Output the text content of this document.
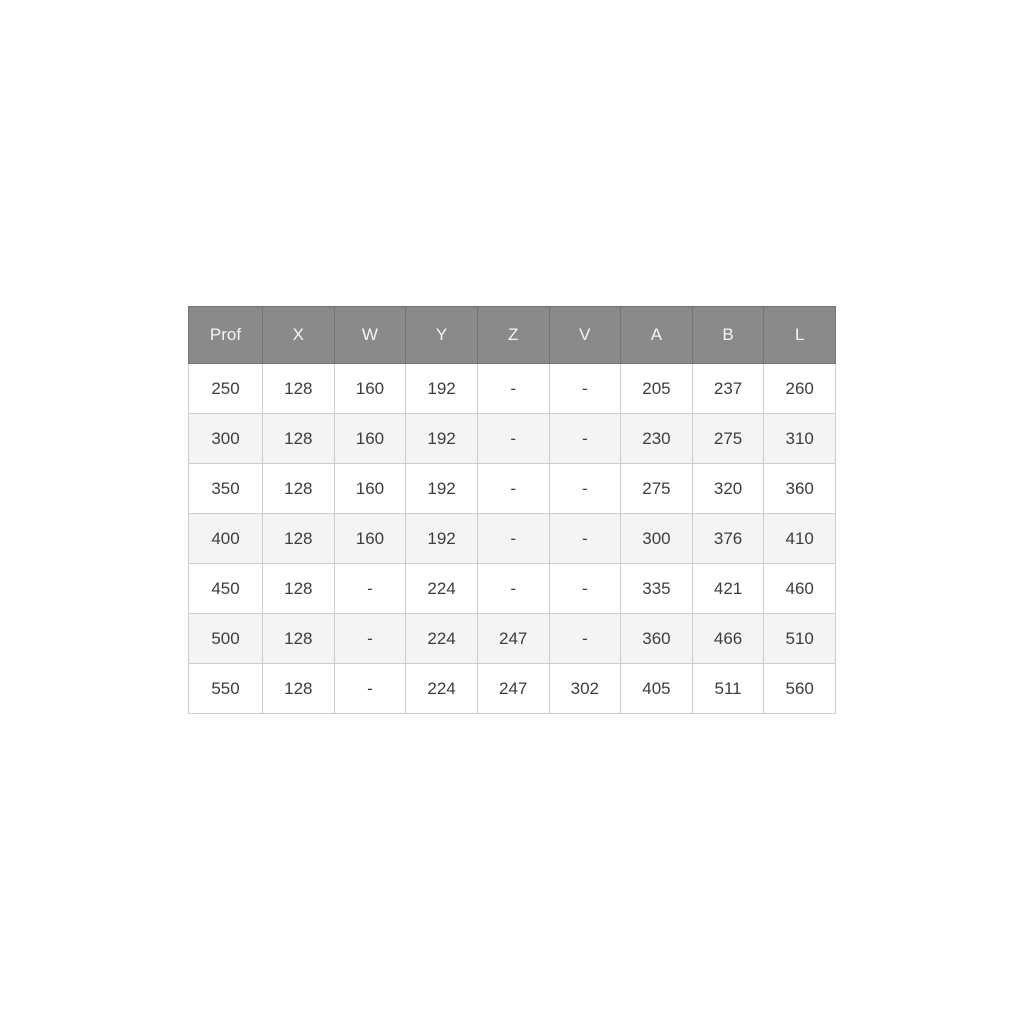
Prof	X	W	Y	Z	V	A	B	L
250	128	160	192	-	-	205	237	260
300	128	160	192	-	-	230	275	310
350	128	160	192	-	-	275	320	360
400	128	160	192	-	-	300	376	410
450	128	-	224	-	-	335	421	460
500	128	-	224	247	-	360	466	510
550	128	-	224	247	302	405	511	560
